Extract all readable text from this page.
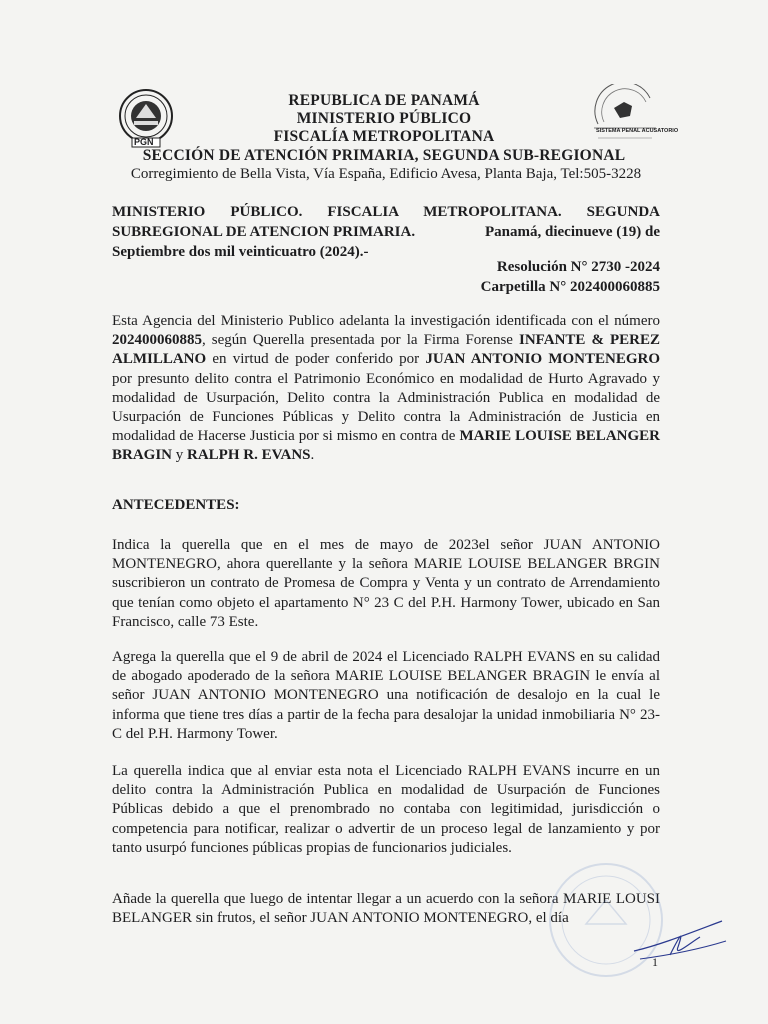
PGN
SISTEMA PENAL ACUSATORIO
REPUBLICA DE PANAMÁ
MINISTERIO PÚBLICO
FISCALÍA METROPOLITANA
SECCIÓN DE ATENCIÓN PRIMARIA, SEGUNDA SUB-REGIONAL
Corregimiento de Bella Vista, Vía España, Edificio Avesa, Planta Baja, Tel:505-3228
MINISTERIO PÚBLICO. FISCALIA METROPOLITANA. SEGUNDA
SUBREGIONAL DE ATENCION PRIMARIA.	Panamá, diecinueve (19) de
Septiembre dos mil veinticuatro (2024).-
Resolución N° 2730 -2024
Carpetilla N° 202400060885
Esta Agencia del Ministerio Publico adelanta la investigación identificada con el número 202400060885, según Querella presentada por la Firma Forense INFANTE & PEREZ ALMILLANO en virtud de poder conferido por JUAN ANTONIO MONTENEGRO por presunto delito contra el Patrimonio Económico en modalidad de Hurto Agravado y modalidad de Usurpación, Delito contra la Administración Publica en modalidad de Usurpación de Funciones Públicas y Delito contra la Administración de Justicia en modalidad de Hacerse Justicia por si mismo en contra de MARIE LOUISE BELANGER BRAGIN y RALPH R. EVANS.
ANTECEDENTES:
Indica la querella que en el mes de mayo de 2023el señor JUAN ANTONIO MONTENEGRO, ahora querellante y la señora MARIE LOUISE BELANGER BRGIN suscribieron un contrato de Promesa de Compra y Venta y un contrato de Arrendamiento que tenían como objeto el apartamento N° 23 C del P.H. Harmony Tower, ubicado en San Francisco, calle 73 Este.
Agrega la querella que el 9 de abril de 2024 el Licenciado RALPH EVANS en su calidad de abogado apoderado de la señora MARIE LOUISE BELANGER BRAGIN le envía al señor JUAN ANTONIO MONTENEGRO una notificación de desalojo en la cual le informa que tiene tres días a partir de la fecha para desalojar la unidad inmobiliaria N° 23-C del P.H. Harmony Tower.
La querella indica que al enviar esta nota el Licenciado RALPH EVANS incurre en un delito contra la Administración Publica en modalidad de Usurpación de Funciones Públicas debido a que el prenombrado no contaba con legitimidad, jurisdicción o competencia para notificar, realizar o advertir de un proceso legal de lanzamiento y por tanto usurpó funciones públicas propias de funcionarios judiciales.
Añade la querella que luego de intentar llegar a un acuerdo con la señora MARIE LOUSI BELANGER sin frutos, el señor JUAN ANTONIO MONTENEGRO, el día
1
